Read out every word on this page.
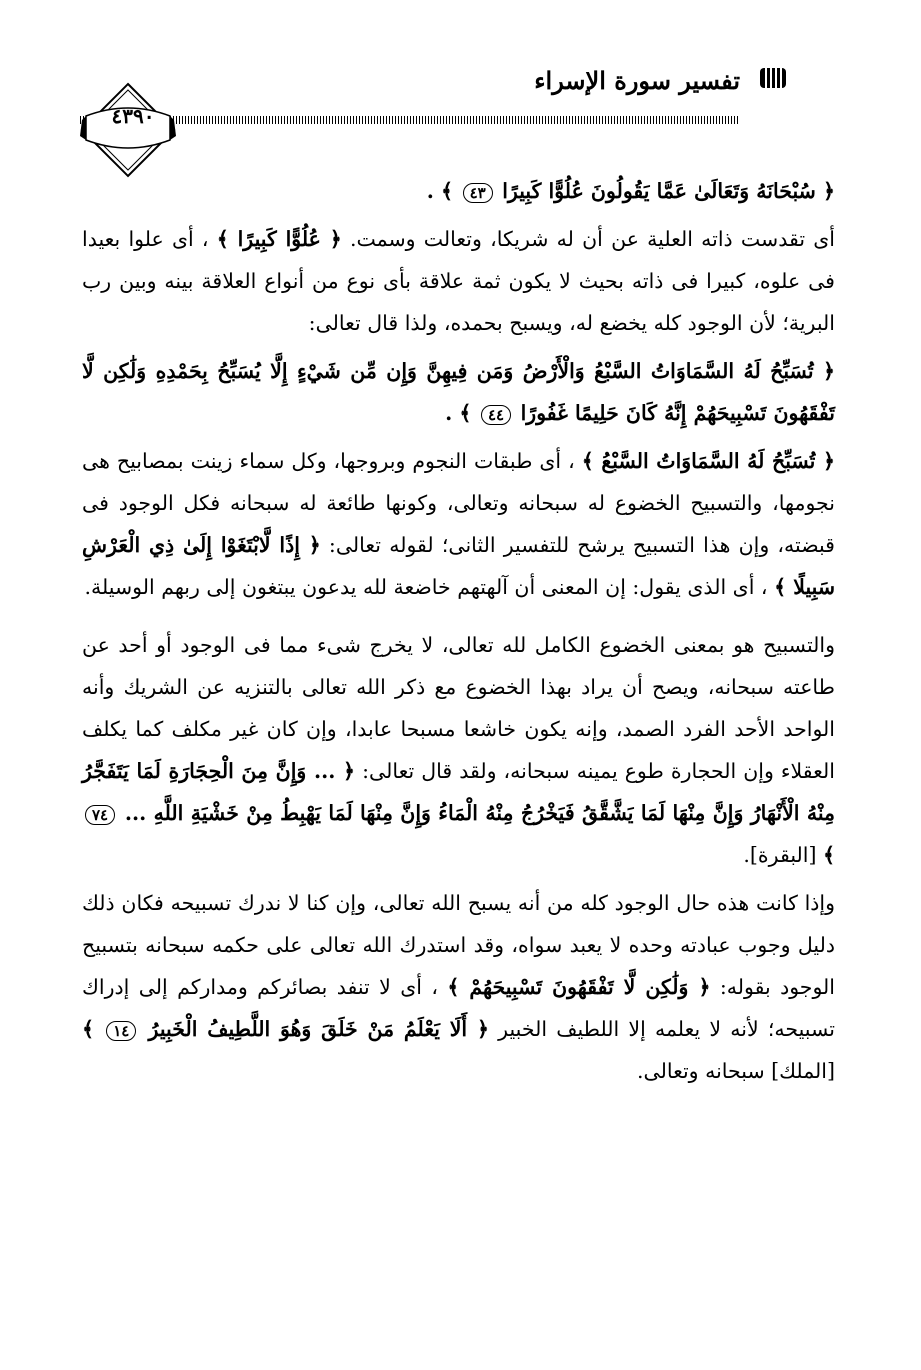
تفسير سورة الإسراء
٤٣٩٠

﴿ سُبْحَانَهُ وَتَعَالَىٰ عَمَّا يَقُولُونَ عُلُوًّا كَبِيرًا ٤٣ ﴾ .

أى تقدست ذاته العلية عن أن له شريكا، وتعالت وسمت. ﴿ عُلُوًّا كَبِيرًا ﴾ ، أى علوا بعيدا فى علوه، كبيرا فى ذاته بحيث لا يكون ثمة علاقة بأى نوع من أنواع العلاقة بينه وبين رب البرية؛ لأن الوجود كله يخضع له، ويسبح بحمده، ولذا قال تعالى:

﴿ تُسَبِّحُ لَهُ السَّمَاوَاتُ السَّبْعُ وَالْأَرْضُ وَمَن فِيهِنَّ وَإِن مِّن شَيْءٍ إِلَّا يُسَبِّحُ بِحَمْدِهِ وَلَٰكِن لَّا تَفْقَهُونَ تَسْبِيحَهُمْ إِنَّهُ كَانَ حَلِيمًا غَفُورًا ٤٤ ﴾ .

﴿ تُسَبِّحُ لَهُ السَّمَاوَاتُ السَّبْعُ ﴾ ، أى طبقات النجوم وبروجها، وكل سماء زينت بمصابيح هى نجومها، والتسبيح الخضوع له سبحانه وتعالى، وكونها طائعة له سبحانه فكل الوجود فى قبضته، وإن هذا التسبيح يرشح للتفسير الثانى؛ لقوله تعالى: ﴿ إِذًا لَّابْتَغَوْا إِلَىٰ ذِي الْعَرْشِ سَبِيلًا ﴾ ، أى الذى يقول: إن المعنى أن آلهتهم خاضعة لله يدعون يبتغون إلى ربهم الوسيلة.

والتسبيح هو بمعنى الخضوع الكامل لله تعالى، لا يخرج شىء مما فى الوجود أو أحد عن طاعته سبحانه، ويصح أن يراد بهذا الخضوع مع ذكر الله تعالى بالتنزيه عن الشريك وأنه الواحد الأحد الفرد الصمد، وإنه يكون خاشعا مسبحا عابدا، وإن كان غير مكلف كما يكلف العقلاء وإن الحجارة طوع يمينه سبحانه، ولقد قال تعالى: ﴿ ... وَإِنَّ مِنَ الْحِجَارَةِ لَمَا يَتَفَجَّرُ مِنْهُ الْأَنْهَارُ وَإِنَّ مِنْهَا لَمَا يَشَّقَّقُ فَيَخْرُجُ مِنْهُ الْمَاءُ وَإِنَّ مِنْهَا لَمَا يَهْبِطُ مِنْ خَشْيَةِ اللَّهِ ... ٧٤ ﴾ [البقرة].

وإذا كانت هذه حال الوجود كله من أنه يسبح الله تعالى، وإن كنا لا ندرك تسبيحه فكان ذلك دليل وجوب عبادته وحده لا يعبد سواه، وقد استدرك الله تعالى على حكمه سبحانه بتسبيح الوجود بقوله: ﴿ وَلَٰكِن لَّا تَفْقَهُونَ تَسْبِيحَهُمْ ﴾ ، أى لا تنفد بصائركم ومداركم إلى إدراك تسبيحه؛ لأنه لا يعلمه إلا اللطيف الخبير ﴿ أَلَا يَعْلَمُ مَنْ خَلَقَ وَهُوَ اللَّطِيفُ الْخَبِيرُ ١٤ ﴾ [الملك] سبحانه وتعالى.
